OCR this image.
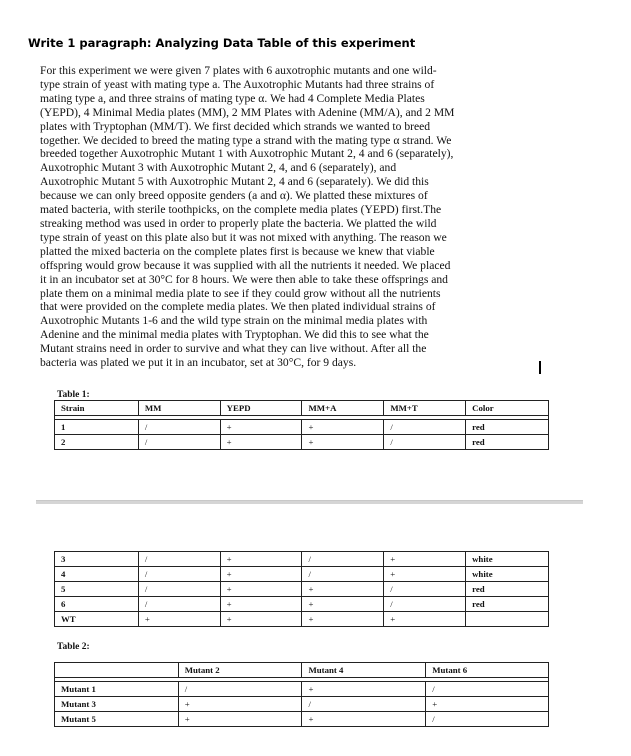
Write 1 paragraph: Analyzing Data Table of this experiment
For this experiment we were given 7 plates with 6 auxotrophic mutants and one wild-
type strain of yeast with mating type a. The Auxotrophic Mutants had three strains of
mating type a, and three strains of mating type α. We had 4 Complete Media Plates
(YEPD), 4 Minimal Media plates (MM), 2 MM Plates with Adenine (MM/A), and 2 MM
plates with Tryptophan (MM/T). We first decided which strands we wanted to breed
together. We decided to breed the mating type a strand with the mating type α strand. We
breeded together Auxotrophic Mutant 1 with Auxotrophic Mutant 2, 4 and 6 (separately),
Auxotrophic Mutant 3 with Auxotrophic Mutant 2, 4, and 6 (separately), and
Auxotrophic Mutant 5 with Auxotrophic Mutant 2, 4 and 6 (separately). We did this
because we can only breed opposite genders (a and α). We platted these mixtures of
mated bacteria, with sterile toothpicks, on the complete media plates (YEPD) first.The
streaking method was used in order to properly plate the bacteria. We platted the wild
type strain of yeast on this plate also but it was not mixed with anything. The reason we
platted the mixed bacteria on the complete plates first is because we knew that viable
offspring would grow because it was supplied with all the nutrients it needed. We placed
it in an incubator set at 30°C for 8 hours. We were then able to take these offsprings and
plate them on a minimal media plate to see if they could grow without all the nutrients
that were provided on the complete media plates. We then plated individual strains of
Auxotrophic Mutants 1-6 and the wild type strain on the minimal media plates with
Adenine and the minimal media plates with Tryptophan. We did this to see what the
Mutant strains need in order to survive and what they can live without. After all the
bacteria was plated we put it in an incubator, set at 30°C, for 9 days.
Table 1:
Strain	MM	YEPD	MM+A	MM+T	Color

1	/	+	+	/	red
2	/	+	+	/	red
3	/	+	/	+	white
4	/	+	/	+	white
5	/	+	+	/	red
6	/	+	+	/	red
WT	+	+	+	+	
Table 2:
	Mutant 2	Mutant 4	Mutant 6

Mutant 1	/	+	/
Mutant 3	+	/	+
Mutant 5	+	+	/
